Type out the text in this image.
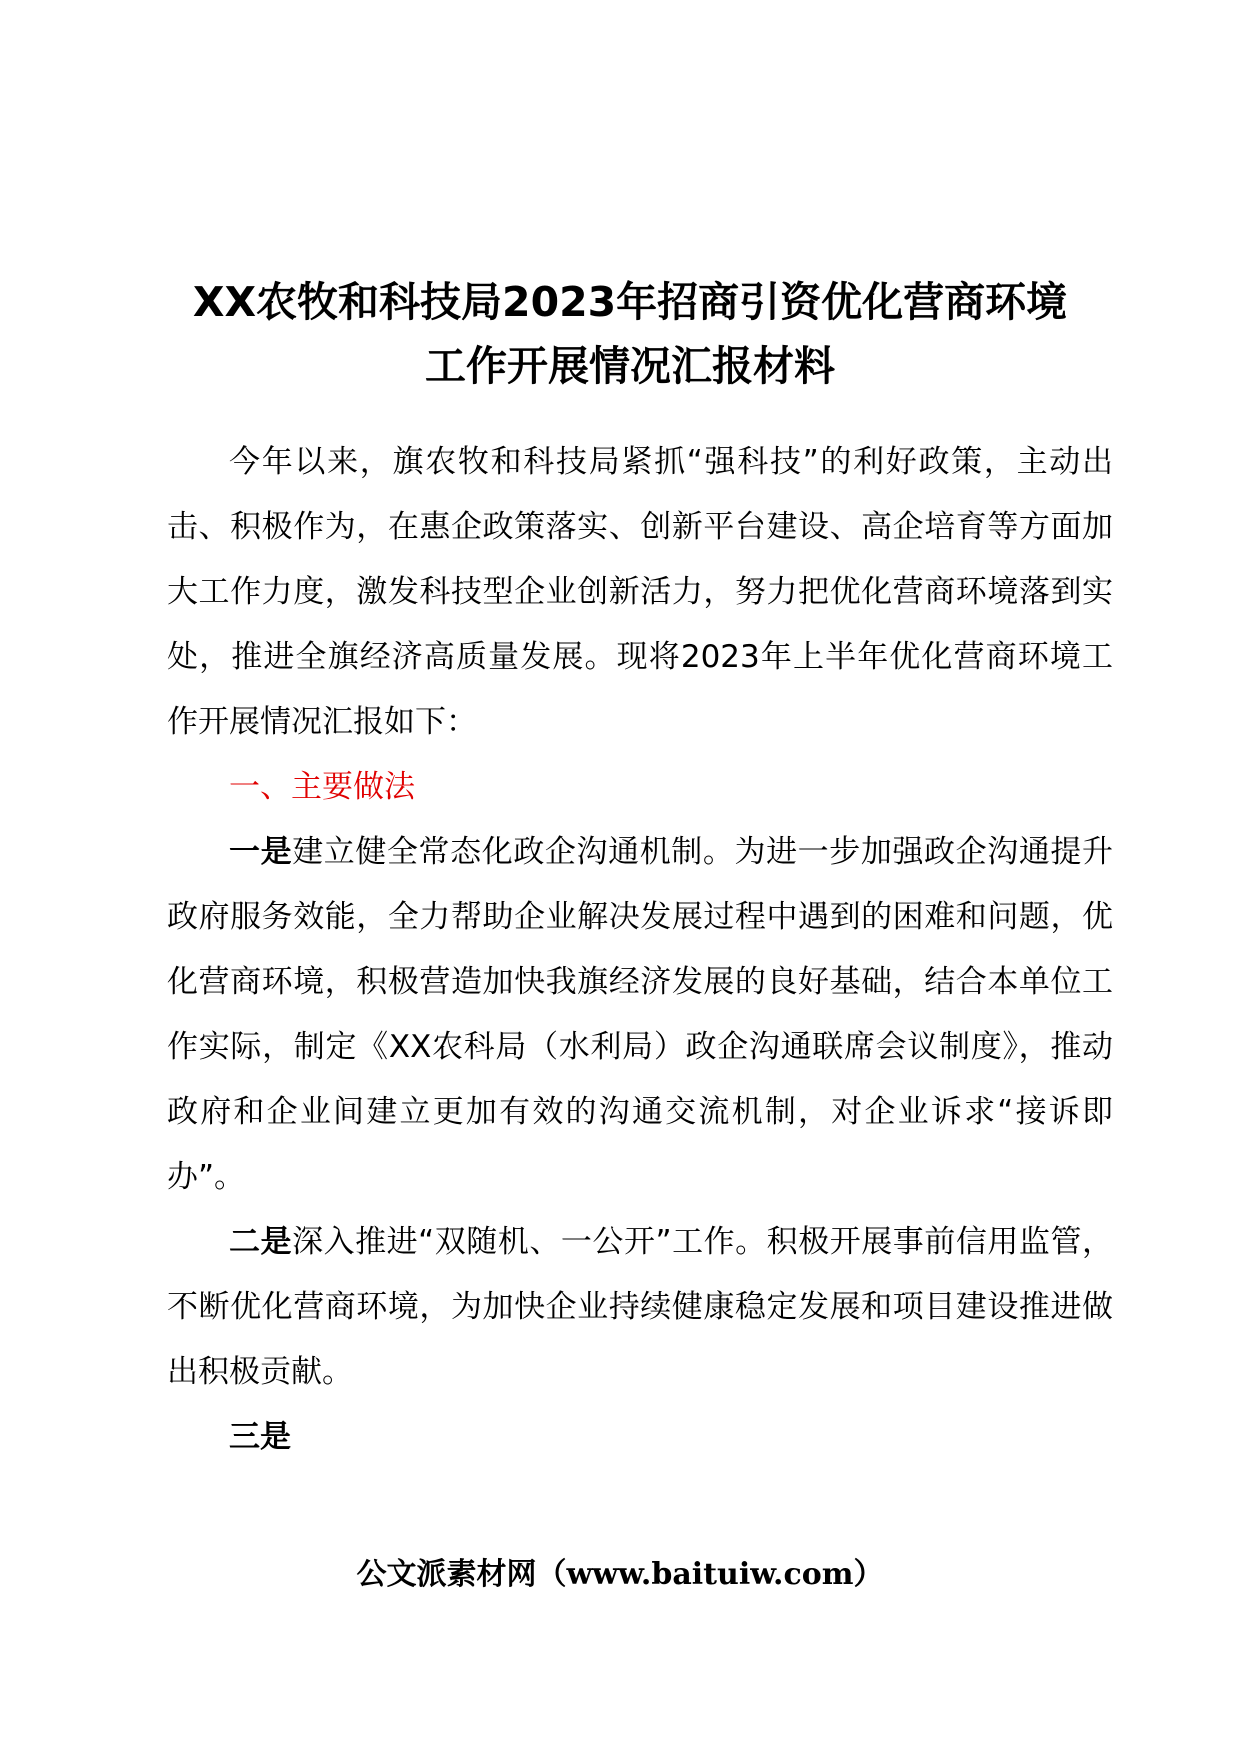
XX农牧和科技局2023年招商引资优化营商环境
工作开展情况汇报材料

今年以来，旗农牧和科技局紧抓“强科技”的利好政策，主动出击、积极作为，在惠企政策落实、创新平台建设、高企培育等方面加大工作力度，激发科技型企业创新活力，努力把优化营商环境落到实处，推进全旗经济高质量发展。现将2023年上半年优化营商环境工作开展情况汇报如下：

一、主要做法

一是建立健全常态化政企沟通机制。为进一步加强政企沟通提升政府服务效能，全力帮助企业解决发展过程中遇到的困难和问题，优化营商环境，积极营造加快我旗经济发展的良好基础，结合本单位工作实际，制定《XX农科局（水利局）政企沟通联席会议制度》，推动政府和企业间建立更加有效的沟通交流机制，对企业诉求“接诉即办”。

二是深入推进“双随机、一公开”工作。积极开展事前信用监管，不断优化营商环境，为加快企业持续健康稳定发展和项目建设推进做出积极贡献。

三是

公文派素材网（www.baituiw.com）
